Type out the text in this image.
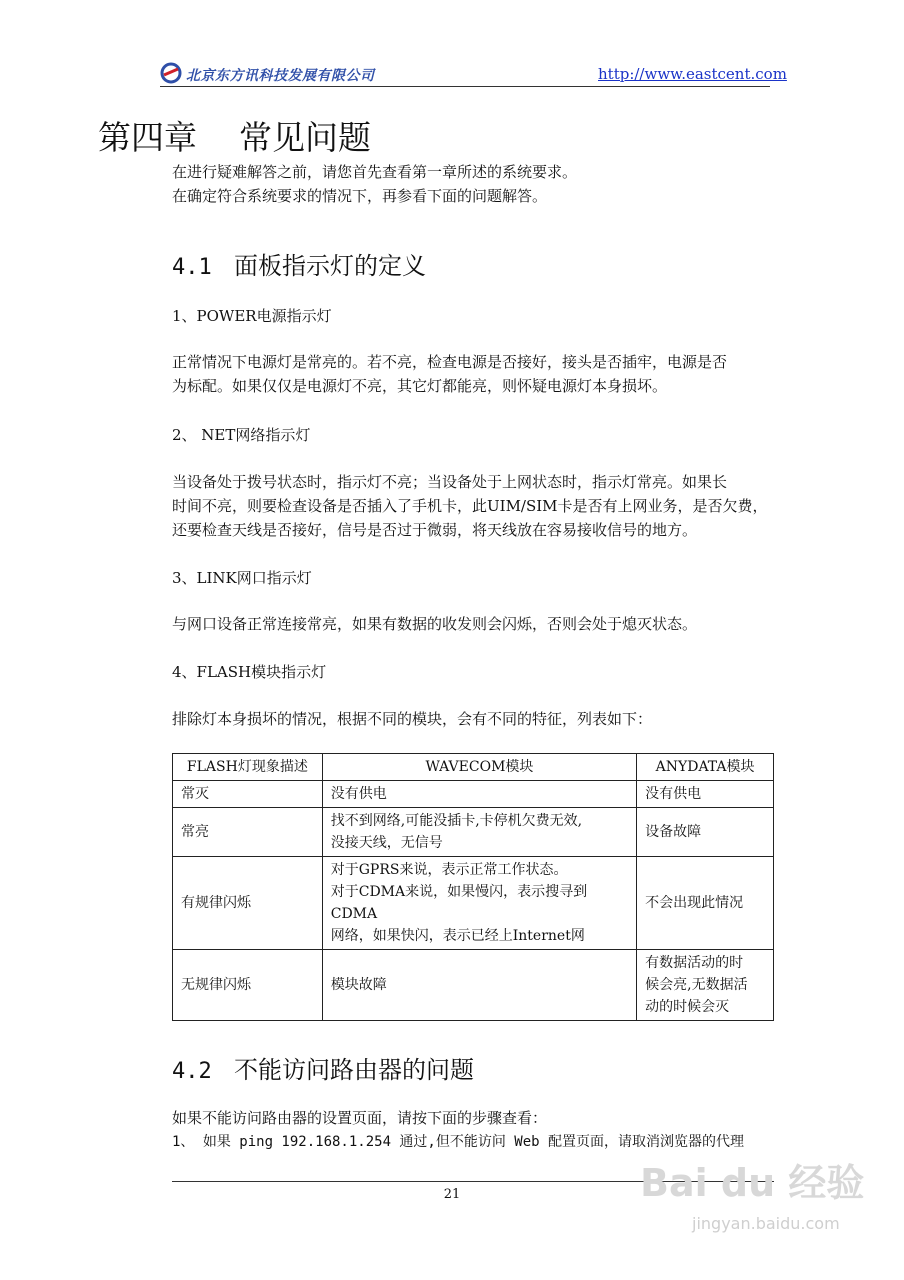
北京东方讯科技发展有限公司	http://www.eastcent.com
第四章 常见问题
在进行疑难解答之前，请您首先查看第一章所述的系统要求。
在确定符合系统要求的情况下，再参看下面的问题解答。
4.1 面板指示灯的定义
1、POWER电源指示灯
正常情况下电源灯是常亮的。若不亮，检查电源是否接好，接头是否插牢，电源是否
为标配。如果仅仅是电源灯不亮，其它灯都能亮，则怀疑电源灯本身损坏。
2、 NET网络指示灯
当设备处于拨号状态时，指示灯不亮；当设备处于上网状态时，指示灯常亮。如果长
时间不亮，则要检查设备是否插入了手机卡，此UIM/SIM卡是否有上网业务，是否欠费，
还要检查天线是否接好，信号是否过于微弱，将天线放在容易接收信号的地方。
3、LINK网口指示灯
与网口设备正常连接常亮，如果有数据的收发则会闪烁，否则会处于熄灭状态。
4、FLASH模块指示灯
排除灯本身损坏的情况，根据不同的模块，会有不同的特征，列表如下：
FLASH灯现象描述	WAVECOM模块	ANYDATA模块
常灭	没有供电	没有供电

常亮	找不到网络,可能没插卡,卡停机欠费无效,
没接天线，无信号	设备故障

有规律闪烁	对于GPRS来说，表示正常工作状态。
对于CDMA来说，如果慢闪，表示搜寻到CDMA
网络，如果快闪，表示已经上Internet网	不会出现此情况

无规律闪烁	模块故障	有数据活动的时
候会亮,无数据活
动的时候会灭
4.2 不能访问路由器的问题
如果不能访问路由器的设置页面，请按下面的步骤查看：
1、 如果 ping 192.168.1.254 通过,但不能访问 Web 配置页面，请取消浏览器的代理
21	Bai du 经验
jingyan.baidu.com
